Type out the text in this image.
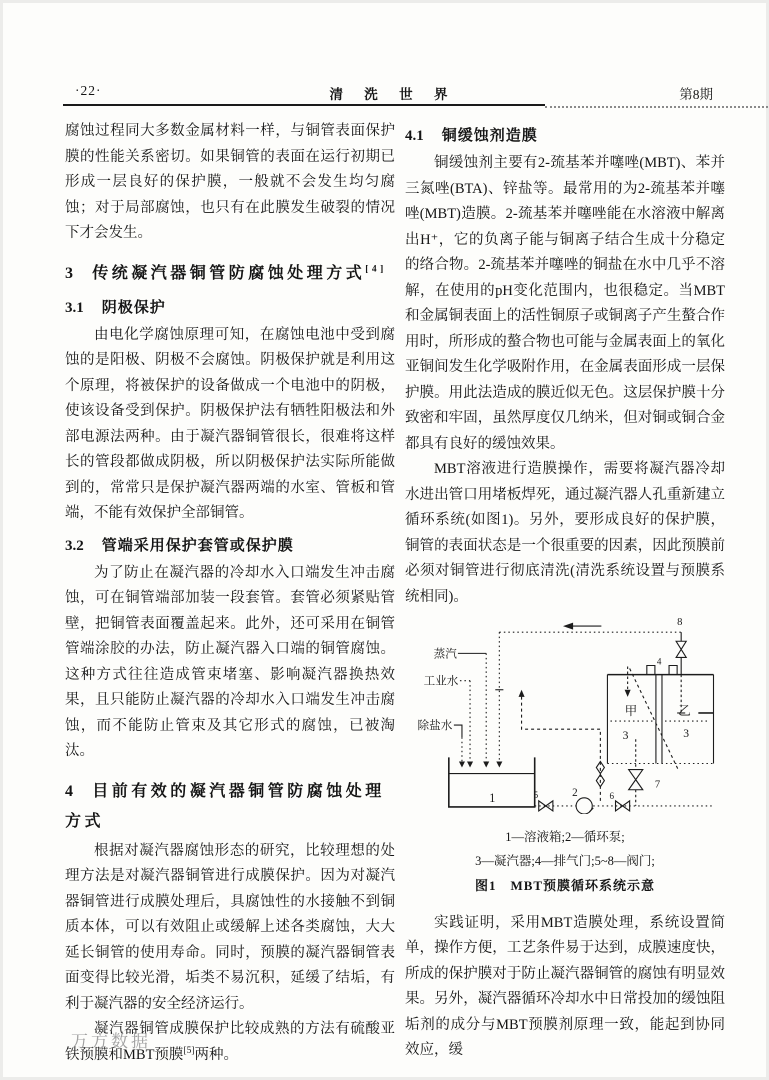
·22·	清 洗 世 界	第8期

腐蚀过程同大多数金属材料一样，与铜管表面保护膜的性能关系密切。如果铜管的表面在运行初期已形成一层良好的保护膜，一般就不会发生均匀腐蚀；对于局部腐蚀，也只有在此膜发生破裂的情况下才会发生。

3 传统凝汽器铜管防腐蚀处理方式[4]
3.1 阴极保护

由电化学腐蚀原理可知，在腐蚀电池中受到腐蚀的是阳极、阴极不会腐蚀。阴极保护就是利用这个原理，将被保护的设备做成一个电池中的阴极，使该设备受到保护。阴极保护法有牺牲阳极法和外部电源法两种。由于凝汽器铜管很长，很难将这样长的管段都做成阴极，所以阴极保护法实际所能做到的，常常只是保护凝汽器两端的水室、管板和管端，不能有效保护全部铜管。

3.2 管端采用保护套管或保护膜

为了防止在凝汽器的冷却水入口端发生冲击腐蚀，可在铜管端部加装一段套管。套管必须紧贴管壁，把铜管表面覆盖起来。此外，还可采用在铜管管端涂胶的办法，防止凝汽器入口端的铜管腐蚀。这种方式往往造成管束堵塞、影响凝汽器换热效果，且只能防止凝汽器的冷却水入口端发生冲击腐蚀，而不能防止管束及其它形式的腐蚀，已被淘汰。

4 目前有效的凝汽器铜管防腐蚀处理方式

根据对凝汽器腐蚀形态的研究，比较理想的处理方法是对凝汽器铜管进行成膜保护。因为对凝汽器铜管进行成膜处理后，具腐蚀性的水接触不到铜质本体，可以有效阻止或缓解上述各类腐蚀，大大延长铜管的使用寿命。同时，预膜的凝汽器铜管表面变得比较光滑，垢类不易沉积，延缓了结垢，有利于凝汽器的安全经济运行。

凝汽器铜管成膜保护比较成熟的方法有硫酸亚铁预膜和MBT预膜[5]两种。

4.1 铜缓蚀剂造膜

铜缓蚀剂主要有2-巯基苯并噻唑(MBT)、苯并三氮唑(BTA)、锌盐等。最常用的为2-巯基苯并噻唑(MBT)造膜。2-巯基苯并噻唑能在水溶液中解离出H⁺，它的负离子能与铜离子结合生成十分稳定的络合物。2-巯基苯并噻唑的铜盐在水中几乎不溶解，在使用的pH变化范围内，也很稳定。当MBT和金属铜表面上的活性铜原子或铜离子产生螯合作用时，所形成的螯合物也可能与金属表面上的氧化亚铜间发生化学吸附作用，在金属表面形成一层保护膜。用此法造成的膜近似无色。这层保护膜十分致密和牢固，虽然厚度仅几纳米，但对铜或铜合金都具有良好的缓蚀效果。

MBT溶液进行造膜操作，需要将凝汽器冷却水进出管口用堵板焊死，通过凝汽器人孔重新建立循环系统(如图1)。另外，要形成良好的保护膜，铜管的表面状态是一个很重要的因素，因此预膜前必须对铜管进行彻底清洗(清洗系统设置与预膜系统相同)。

蒸汽
工业水
除盐水
1	5	2	6
甲	乙
3	3
4
8
7

1—溶液箱;2—循环泵;

3—凝汽器;4—排气门;5~8—阀门;

图1　MBT预膜循环系统示意

实践证明，采用MBT造膜处理，系统设置简单，操作方便，工艺条件易于达到，成膜速度快，所成的保护膜对于防止凝汽器铜管的腐蚀有明显效果。另外，凝汽器循环冷却水中日常投加的缓蚀阻垢剂的成分与MBT预膜剂原理一致，能起到协同效应，缓

万方数据
